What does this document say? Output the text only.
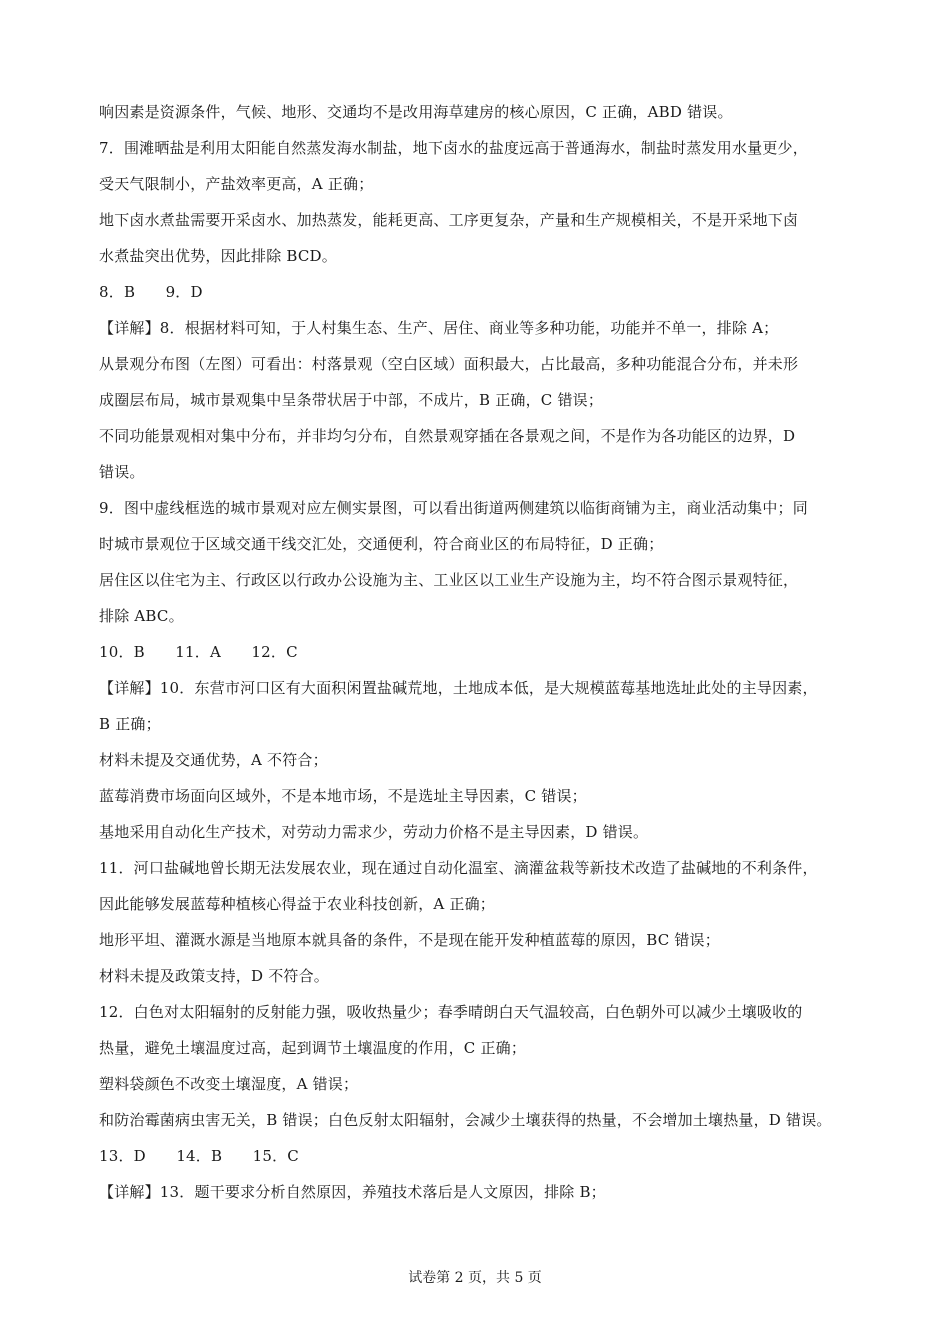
响因素是资源条件，气候、地形、交通均不是改用海草建房的核心原因，C 正确，ABD 错误。
7．围滩晒盐是利用太阳能自然蒸发海水制盐，地下卤水的盐度远高于普通海水，制盐时蒸发用水量更少，
受天气限制小，产盐效率更高，A 正确；
地下卤水煮盐需要开采卤水、加热蒸发，能耗更高、工序更复杂，产量和生产规模相关，不是开采地下卤
水煮盐突出优势，因此排除 BCD。
8．B　　9．D
【详解】8．根据材料可知，于人村集生态、生产、居住、商业等多种功能，功能并不单一，排除 A；
从景观分布图（左图）可看出：村落景观（空白区域）面积最大，占比最高，多种功能混合分布，并未形
成圈层布局，城市景观集中呈条带状居于中部，不成片，B 正确，C 错误；
不同功能景观相对集中分布，并非均匀分布，自然景观穿插在各景观之间，不是作为各功能区的边界，D
错误。
9．图中虚线框选的城市景观对应左侧实景图，可以看出街道两侧建筑以临街商铺为主，商业活动集中；同
时城市景观位于区域交通干线交汇处，交通便利，符合商业区的布局特征，D 正确；
居住区以住宅为主、行政区以行政办公设施为主、工业区以工业生产设施为主，均不符合图示景观特征，
排除 ABC。
10．B　　11．A　　12．C
【详解】10．东营市河口区有大面积闲置盐碱荒地，土地成本低，是大规模蓝莓基地选址此处的主导因素，
B 正确；
材料未提及交通优势，A 不符合；
蓝莓消费市场面向区域外，不是本地市场，不是选址主导因素，C 错误；
基地采用自动化生产技术，对劳动力需求少，劳动力价格不是主导因素，D 错误。
11．河口盐碱地曾长期无法发展农业，现在通过自动化温室、滴灌盆栽等新技术改造了盐碱地的不利条件，
因此能够发展蓝莓种植核心得益于农业科技创新，A 正确；
地形平坦、灌溉水源是当地原本就具备的条件，不是现在能开发种植蓝莓的原因，BC 错误；
材料未提及政策支持，D 不符合。
12．白色对太阳辐射的反射能力强，吸收热量少；春季晴朗白天气温较高，白色朝外可以减少土壤吸收的
热量，避免土壤温度过高，起到调节土壤温度的作用，C 正确；
塑料袋颜色不改变土壤湿度，A 错误；
和防治霉菌病虫害无关，B 错误；白色反射太阳辐射，会减少土壤获得的热量，不会增加土壤热量，D 错误。
13．D　　14．B　　15．C
【详解】13．题干要求分析自然原因，养殖技术落后是人文原因，排除 B；
试卷第 2 页，共 5 页
